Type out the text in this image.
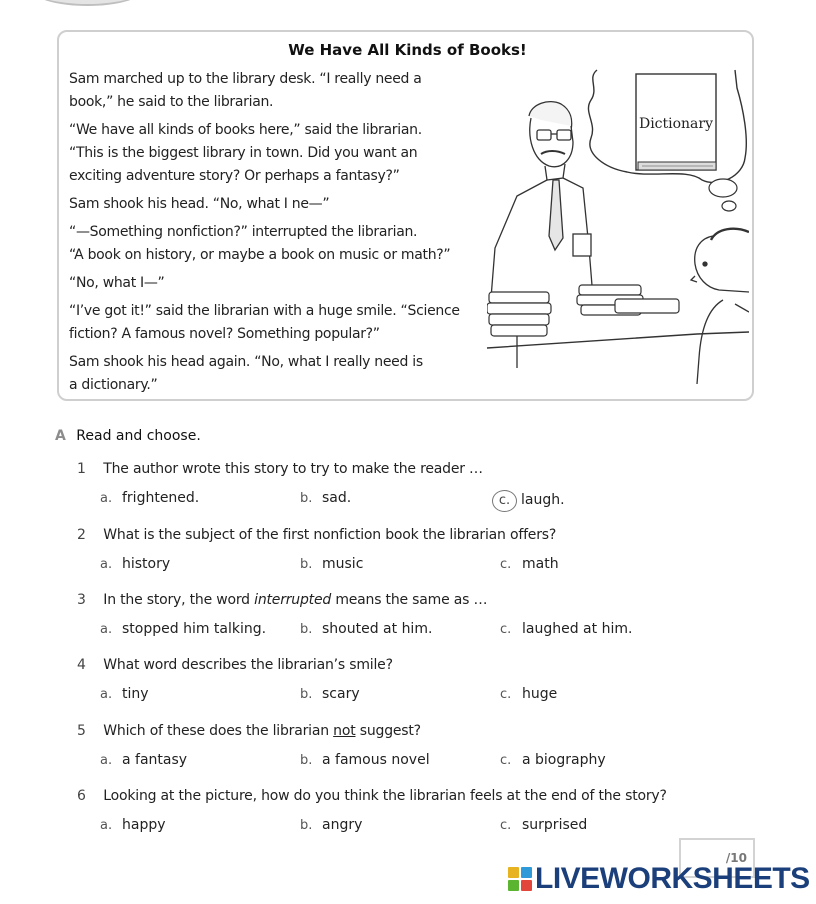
We Have All Kinds of Books!

Sam marched up to the library desk. “I really need a
book,” he said to the librarian.

“We have all kinds of books here,” said the librarian.
“This is the biggest library in town. Did you want an
exciting adventure story? Or perhaps a fantasy?”

Sam shook his head. “No, what I ne—”

“—Something nonfiction?” interrupted the librarian.
“A book on history, or maybe a book on music or math?”

“No, what I—”

“I’ve got it!” said the librarian with a huge smile. “Science
fiction? A famous novel? Something popular?”

Sam shook his head again. “No, what I really need is
a dictionary.”

Dictionary
A Read and choose.
1 The author wrote this story to try to make the reader …
a. frightened.	b. sad.	c. laugh.
2 What is the subject of the first nonfiction book the librarian offers?
a. history	b. music	c. math
3 In the story, the word interrupted means the same as …
a. stopped him talking.	b. shouted at him.	c. laughed at him.
4 What word describes the librarian’s smile?
a. tiny	b. scary	c. huge
5 Which of these does the librarian not suggest?
a. a fantasy	b. a famous novel	c. a biography
6 Looking at the picture, how do you think the librarian feels at the end of the story?
a. happy	b. angry	c. surprised
/10
LIVEWORKSHEETS
